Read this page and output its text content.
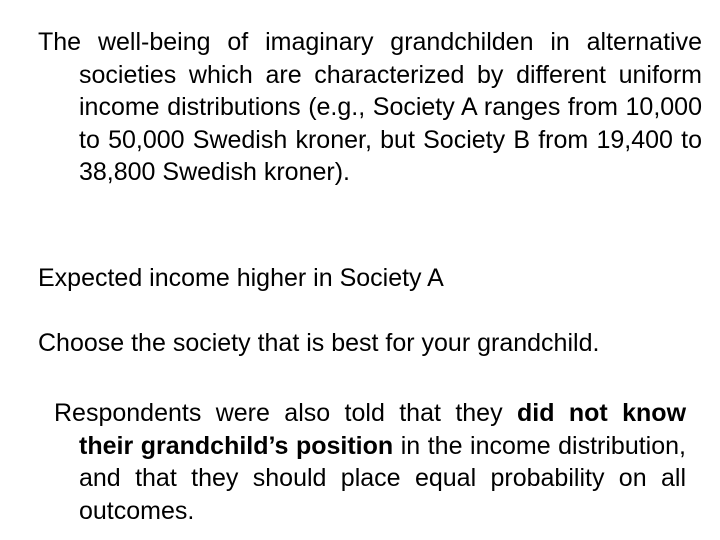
The well-being of imaginary grandchilden in alternative societies which are characterized by different uniform income distributions (e.g., Society A ranges from 10,000 to 50,000 Swedish kroner, but Society B from 19,400 to 38,800 Swedish kroner).

Expected income higher in Society A

Choose the society that is best for your grandchild.

Respondents were also told that they did not know their grandchild’s position in the income distribution, and that they should place equal probability on all outcomes.
